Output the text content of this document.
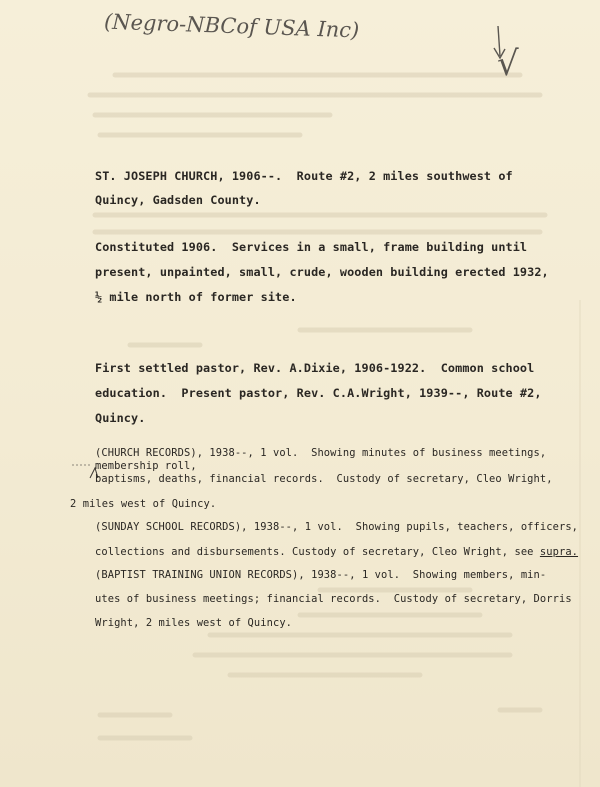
(Negro-NBCof USA Inc)
√
ST. JOSEPH CHURCH, 1906--.  Route #2, 2 miles southwest of
Quincy, Gadsden County.
Constituted 1906.  Services in a small, frame building until
present, unpainted, small, crude, wooden building erected 1932,
½ mile north of former site.
First settled pastor, Rev. A.Dixie, 1906-1922.  Common school
education.  Present pastor, Rev. C.A.Wright, 1939--, Route #2,
Quincy.
(CHURCH RECORDS), 1938--, 1 vol.  Showing minutes of business meetings,
membership roll,
baptisms, deaths, financial records.  Custody of secretary, Cleo Wright,
2 miles west of Quincy.
(SUNDAY SCHOOL RECORDS), 1938--, 1 vol.  Showing pupils, teachers, officers,
collections and disbursements. Custody of secretary, Cleo Wright, see supra.
(BAPTIST TRAINING UNION RECORDS), 1938--, 1 vol.  Showing members, min-
utes of business meetings; financial records.  Custody of secretary, Dorris
Wright, 2 miles west of Quincy.
